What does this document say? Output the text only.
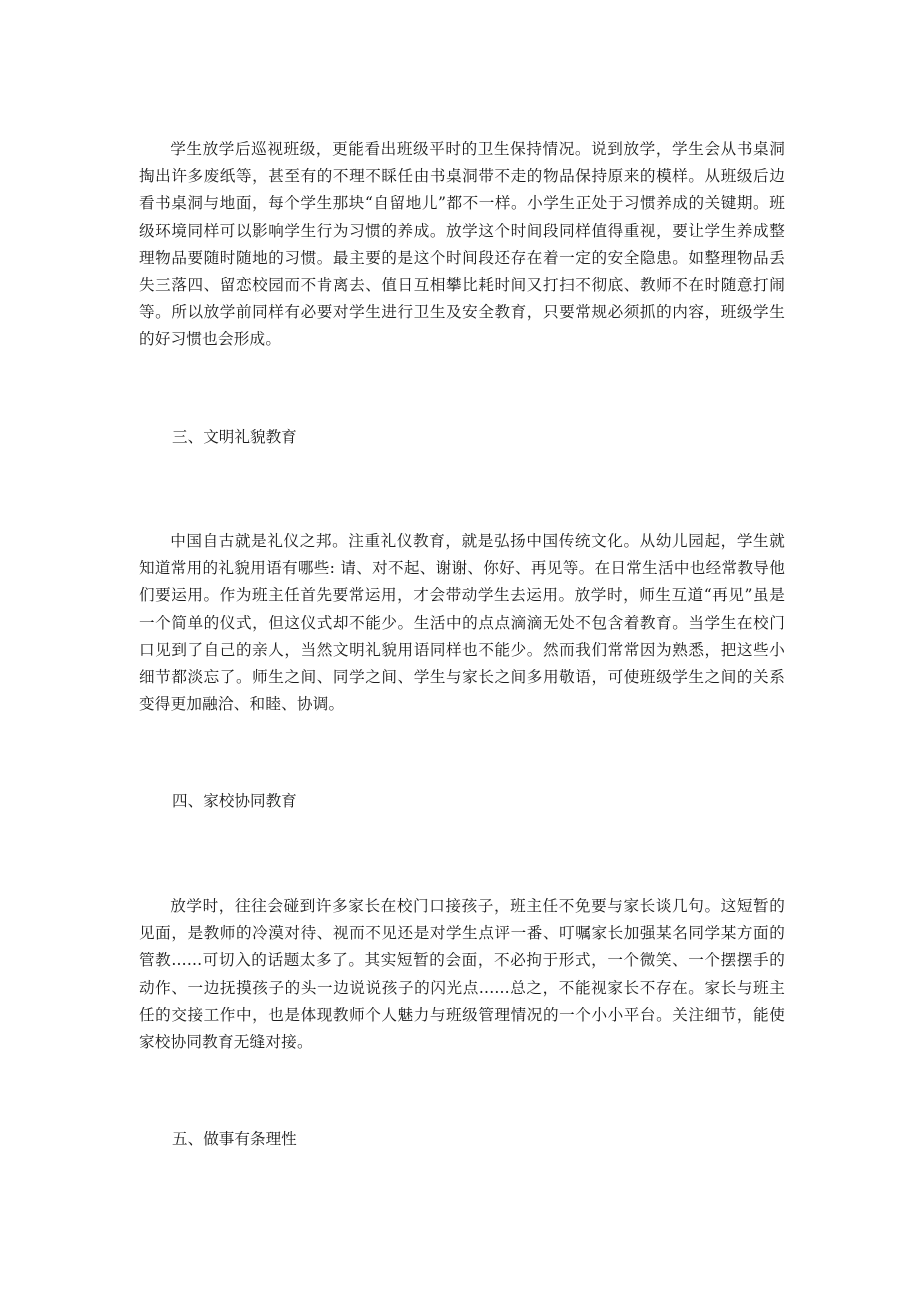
学生放学后巡视班级，更能看出班级平时的卫生保持情况。说到放学，学生会从书桌洞掏出许多废纸等，甚至有的不理不睬任由书桌洞带不走的物品保持原来的模样。从班级后边看书桌洞与地面，每个学生那块“自留地儿”都不一样。小学生正处于习惯养成的关键期。班级环境同样可以影响学生行为习惯的养成。放学这个时间段同样值得重视，要让学生养成整理物品要随时随地的习惯。最主要的是这个时间段还存在着一定的安全隐患。如整理物品丢失三落四、留恋校园而不肯离去、值日互相攀比耗时间又打扫不彻底、教师不在时随意打闹等。所以放学前同样有必要对学生进行卫生及安全教育，只要常规必须抓的内容，班级学生的好习惯也会形成。

三、文明礼貌教育

中国自古就是礼仪之邦。注重礼仪教育，就是弘扬中国传统文化。从幼儿园起，学生就知道常用的礼貌用语有哪些: 请、对不起、谢谢、你好、再见等。在日常生活中也经常教导他们要运用。作为班主任首先要常运用，才会带动学生去运用。放学时，师生互道“再见”虽是一个简单的仪式，但这仪式却不能少。生活中的点点滴滴无处不包含着教育。当学生在校门口见到了自己的亲人，当然文明礼貌用语同样也不能少。然而我们常常因为熟悉，把这些小细节都淡忘了。师生之间、同学之间、学生与家长之间多用敬语，可使班级学生之间的关系变得更加融洽、和睦、协调。

四、家校协同教育

放学时，往往会碰到许多家长在校门口接孩子，班主任不免要与家长谈几句。这短暂的见面，是教师的冷漠对待、视而不见还是对学生点评一番、叮嘱家长加强某名同学某方面的管教......可切入的话题太多了。其实短暂的会面，不必拘于形式，一个微笑、一个摆摆手的动作、一边抚摸孩子的头一边说说孩子的闪光点......总之，不能视家长不存在。家长与班主任的交接工作中，也是体现教师个人魅力与班级管理情况的一个小小平台。关注细节，能使家校协同教育无缝对接。

五、做事有条理性
